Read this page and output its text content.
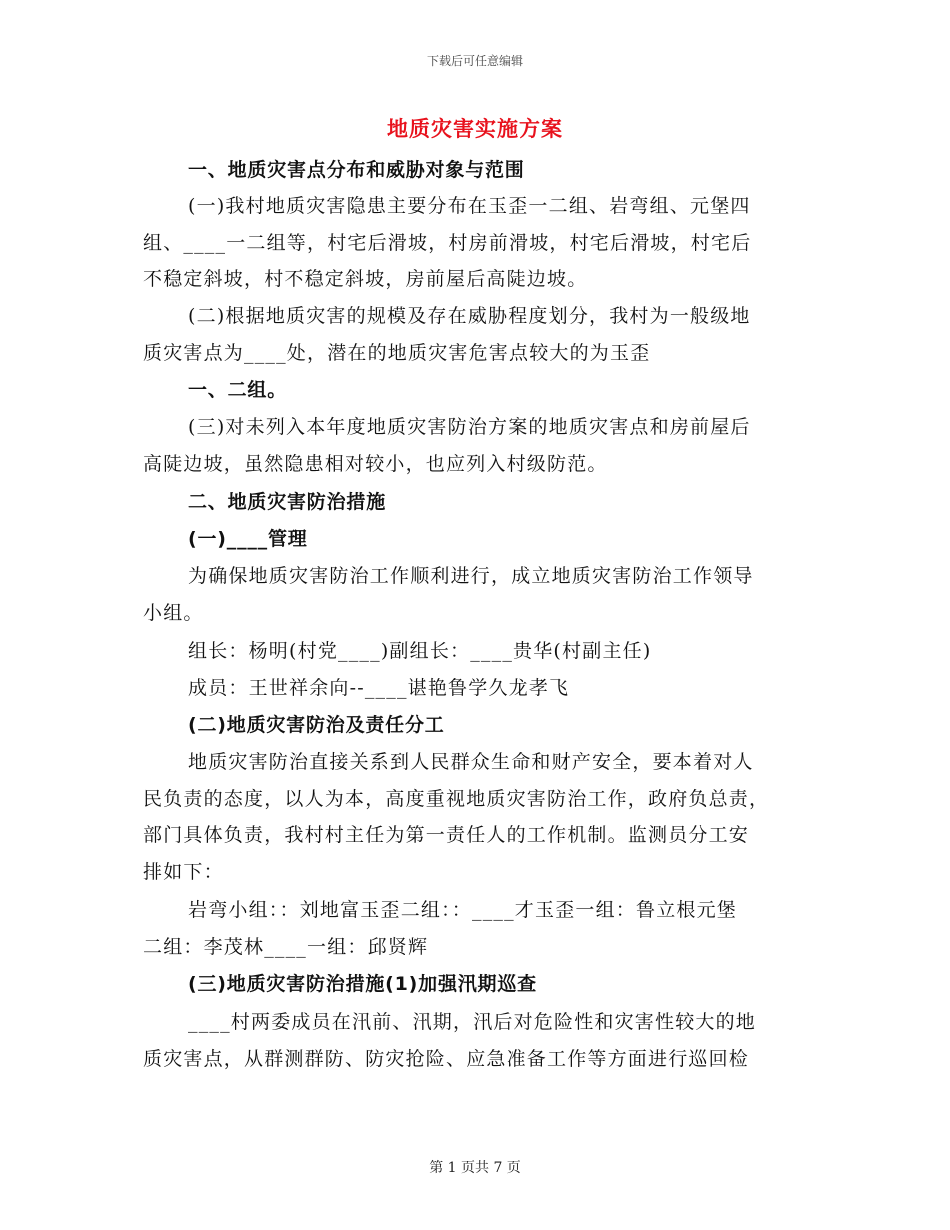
下载后可任意编辑
地质灾害实施方案
一、地质灾害点分布和威胁对象与范围
(一)我村地质灾害隐患主要分布在玉歪一二组、岩弯组、元堡四
组、____一二组等，村宅后滑坡，村房前滑坡，村宅后滑坡，村宅后
不稳定斜坡，村不稳定斜坡，房前屋后高陡边坡。
(二)根据地质灾害的规模及存在威胁程度划分，我村为一般级地
质灾害点为____处，潜在的地质灾害危害点较大的为玉歪
一、二组。
(三)对未列入本年度地质灾害防治方案的地质灾害点和房前屋后
高陡边坡，虽然隐患相对较小，也应列入村级防范。
二、地质灾害防治措施
(一)____管理
为确保地质灾害防治工作顺利进行，成立地质灾害防治工作领导
小组。
组长：杨明(村党____)副组长：____贵华(村副主任)
成员：王世祥余向--____谌艳鲁学久龙孝飞
(二)地质灾害防治及责任分工
地质灾害防治直接关系到人民群众生命和财产安全，要本着对人
民负责的态度，以人为本，高度重视地质灾害防治工作，政府负总责，
部门具体负责，我村村主任为第一责任人的工作机制。监测员分工安
排如下：
岩弯小组：：刘地富玉歪二组：：____才玉歪一组：鲁立根元堡
二组：李茂林____一组：邱贤辉
(三)地质灾害防治措施(1)加强汛期巡查
____村两委成员在汛前、汛期，汛后对危险性和灾害性较大的地
质灾害点，从群测群防、防灾抢险、应急准备工作等方面进行巡回检
第 1 页共 7 页
